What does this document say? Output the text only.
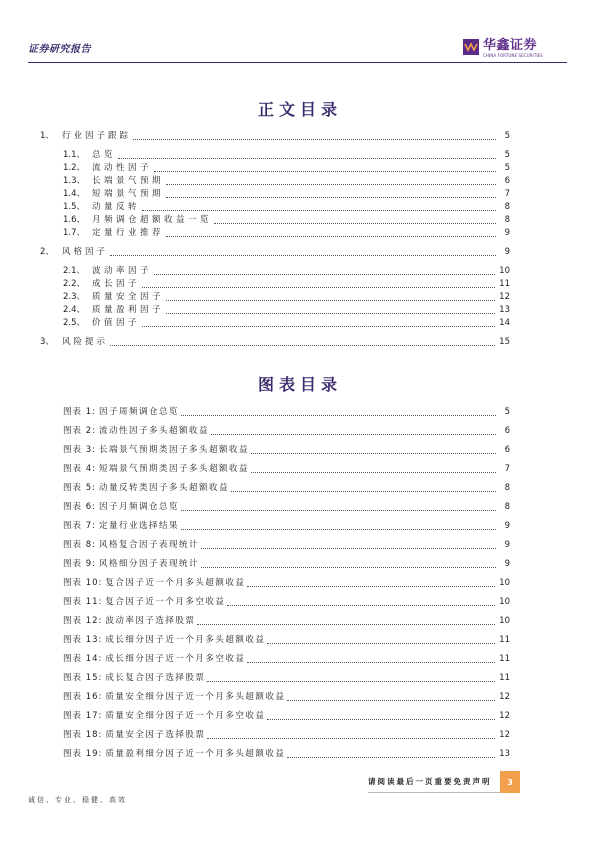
证券研究报告	华鑫证券
CHINA FORTUNE SECURITIES
正文目录
1、 行业因子跟踪	5
1.1、 总览	5
1.2、 流动性因子	5
1.3、 长端景气预期	6
1.4、 短端景气预期	7
1.5、 动量反转	8
1.6、 月频调仓超额收益一览	8
1.7、 定量行业推荐	9
2、 风格因子	9
2.1、 波动率因子	10
2.2、 成长因子	11
2.3、 质量安全因子	12
2.4、 质量盈利因子	13
2.5、 价值因子	14
3、 风险提示	15
图表目录
图表 1: 因子周频调仓总览	5
图表 2: 流动性因子多头超额收益	6
图表 3: 长端景气预期类因子多头超额收益	6
图表 4: 短端景气预期类因子多头超额收益	7
图表 5: 动量反转类因子多头超额收益	8
图表 6: 因子月频调仓总览	8
图表 7: 定量行业选择结果	9
图表 8: 风格复合因子表现统计	9
图表 9: 风格细分因子表现统计	9
图表 10: 复合因子近一个月多头超额收益	10
图表 11: 复合因子近一个月多空收益	10
图表 12: 波动率因子选择股票	10
图表 13: 成长细分因子近一个月多头超额收益	11
图表 14: 成长细分因子近一个月多空收益	11
图表 15: 成长复合因子选择股票	11
图表 16: 质量安全细分因子近一个月多头超额收益	12
图表 17: 质量安全细分因子近一个月多空收益	12
图表 18: 质量安全因子选择股票	12
图表 19: 质量盈利细分因子近一个月多头超额收益	13
请阅读最后一页重要免责声明	3
诚信、专业、稳健、高效
